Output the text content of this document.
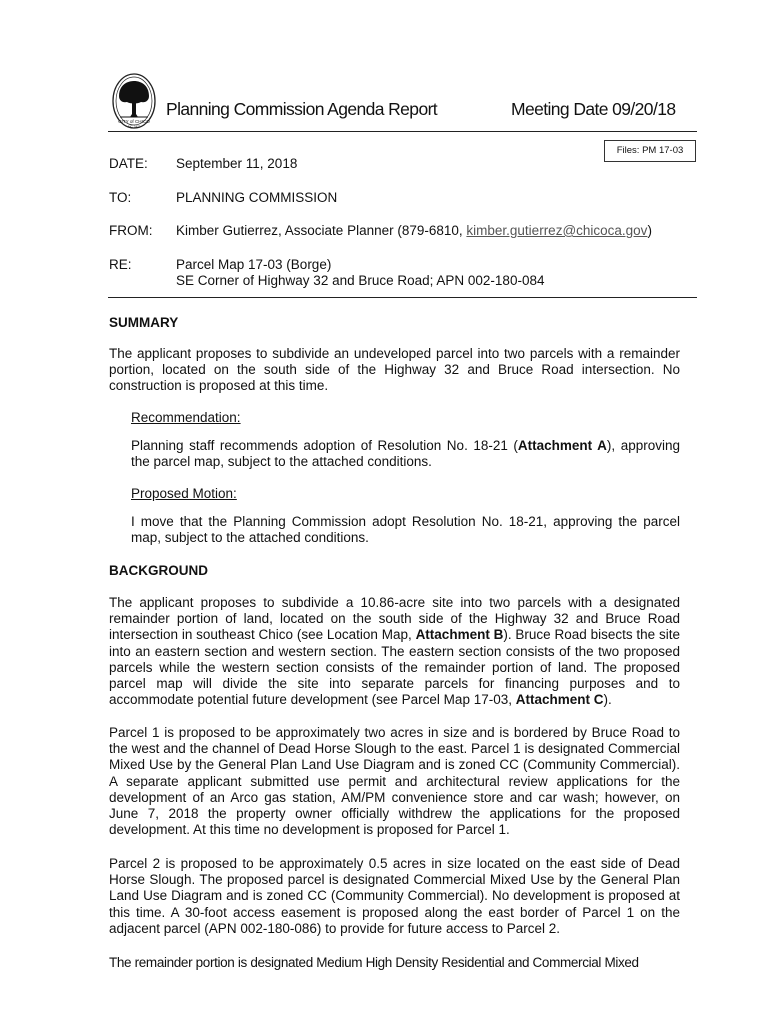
CITY of CHICO
INC. 1872
Planning Commission Agenda Report	Meeting Date 09/20/18
Files: PM 17-03
DATE: September 11, 2018
TO:	PLANNING COMMISSION
FROM: Kimber Gutierrez, Associate Planner (879-6810, kimber.gutierrez@chicoca.gov)
RE:	Parcel Map 17-03 (Borge)
SE Corner of Highway 32 and Bruce Road; APN 002-180-084
SUMMARY

The applicant proposes to subdivide an undeveloped parcel into two parcels with a remainder portion, located on the south side of the Highway 32 and Bruce Road intersection. No construction is proposed at this time.

Recommendation:

Planning staff recommends adoption of Resolution No. 18-21 (Attachment A), approving the parcel map, subject to the attached conditions.

Proposed Motion:

I move that the Planning Commission adopt Resolution No. 18-21, approving the parcel map, subject to the attached conditions.

BACKGROUND

The applicant proposes to subdivide a 10.86-acre site into two parcels with a designated remainder portion of land, located on the south side of the Highway 32 and Bruce Road intersection in southeast Chico (see Location Map, Attachment B). Bruce Road bisects the site into an eastern section and western section. The eastern section consists of the two proposed parcels while the western section consists of the remainder portion of land. The proposed parcel map will divide the site into separate parcels for financing purposes and to accommodate potential future development (see Parcel Map 17-03, Attachment C).

Parcel 1 is proposed to be approximately two acres in size and is bordered by Bruce Road to the west and the channel of Dead Horse Slough to the east. Parcel 1 is designated Commercial Mixed Use by the General Plan Land Use Diagram and is zoned CC (Community Commercial). A separate applicant submitted use permit and architectural review applications for the development of an Arco gas station, AM/PM convenience store and car wash; however, on June 7, 2018 the property owner officially withdrew the applications for the proposed development. At this time no development is proposed for Parcel 1.

Parcel 2 is proposed to be approximately 0.5 acres in size located on the east side of Dead Horse Slough. The proposed parcel is designated Commercial Mixed Use by the General Plan Land Use Diagram and is zoned CC (Community Commercial). No development is proposed at this time. A 30-foot access easement is proposed along the east border of Parcel 1 on the adjacent parcel (APN 002-180-086) to provide for future access to Parcel 2.

The remainder portion is designated Medium High Density Residential and Commercial Mixed
